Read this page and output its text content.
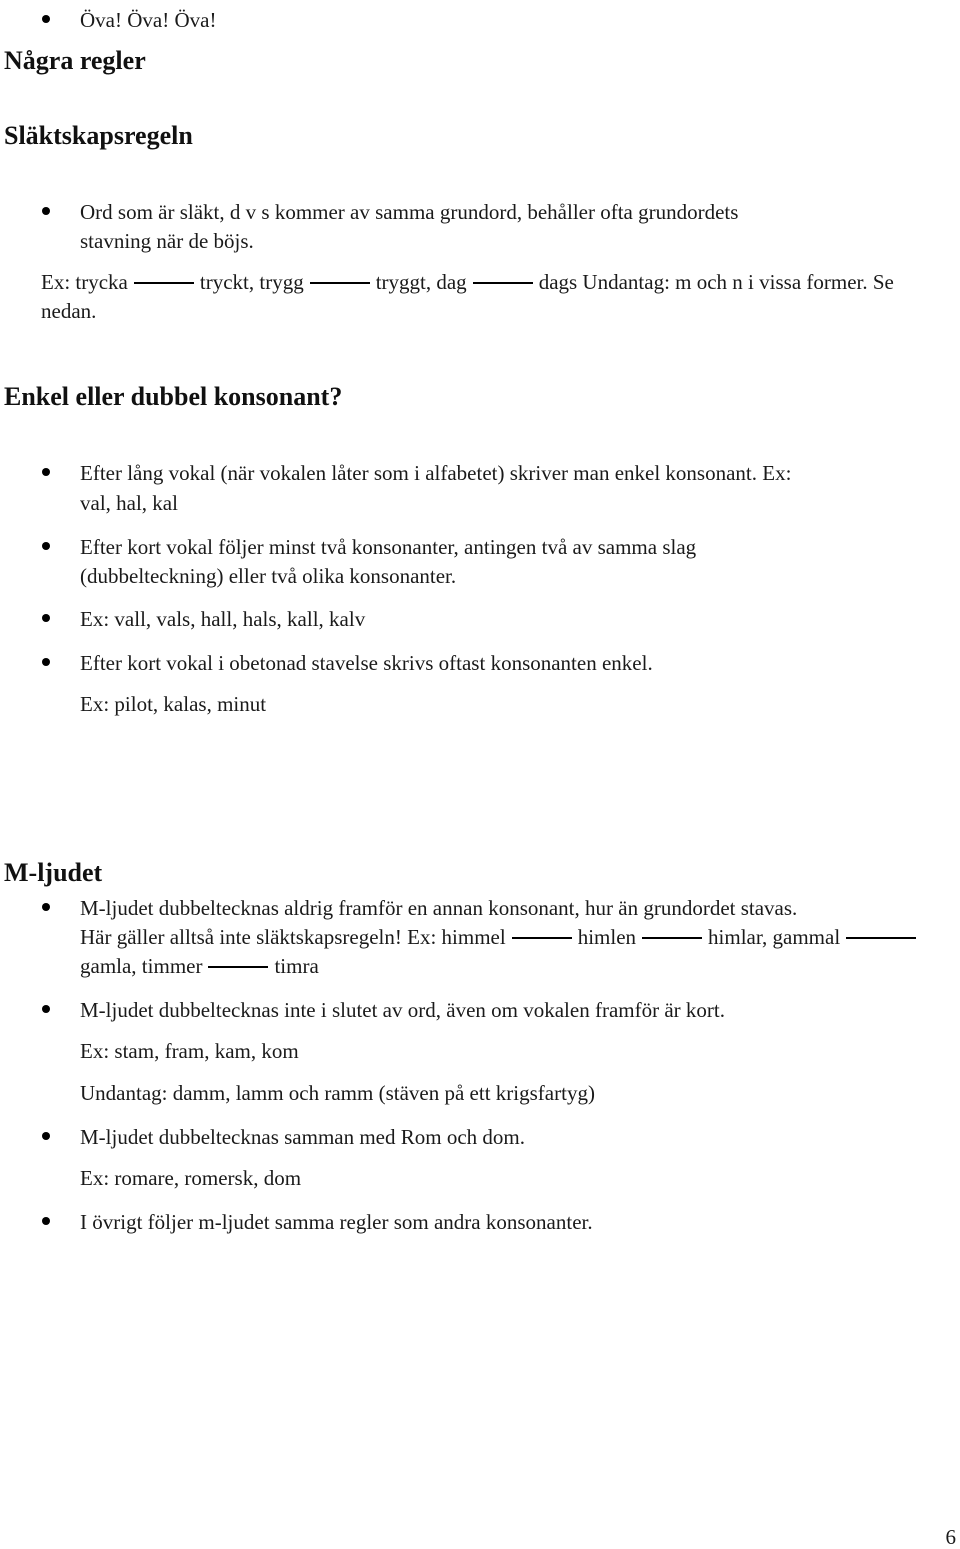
Öva! Öva! Öva!
Några regler
Släktskapsregeln
Ord som är släkt, d v s kommer av samma grundord, behåller ofta grundordets
stavning när de böjs.
Ex: trycka	tryckt, trygg	tryggt, dag	dags Undantag: m och n i vissa former. Se
nedan.
Enkel eller dubbel konsonant?
Efter lång vokal (när vokalen låter som i alfabetet) skriver man enkel konsonant. Ex:
val, hal, kal
Efter kort vokal följer minst två konsonanter, antingen två av samma slag
(dubbelteckning) eller två olika konsonanter.
Ex: vall, vals, hall, hals, kall, kalv
Efter kort vokal i obetonad stavelse skrivs oftast konsonanten enkel.
Ex: pilot, kalas, minut
M-ljudet
M-ljudet dubbeltecknas aldrig framför en annan konsonant, hur än grundordet stavas.
Här gäller alltså inte släktskapsregeln! Ex: himmel	himlen	himlar, gammal
gamla, timmer	timra
M-ljudet dubbeltecknas inte i slutet av ord, även om vokalen framför är kort.
Ex: stam, fram, kam, kom
Undantag: damm, lamm och ramm (stäven på ett krigsfartyg)
M-ljudet dubbeltecknas samman med Rom och dom.
Ex: romare, romersk, dom
I övrigt följer m-ljudet samma regler som andra konsonanter.
6
